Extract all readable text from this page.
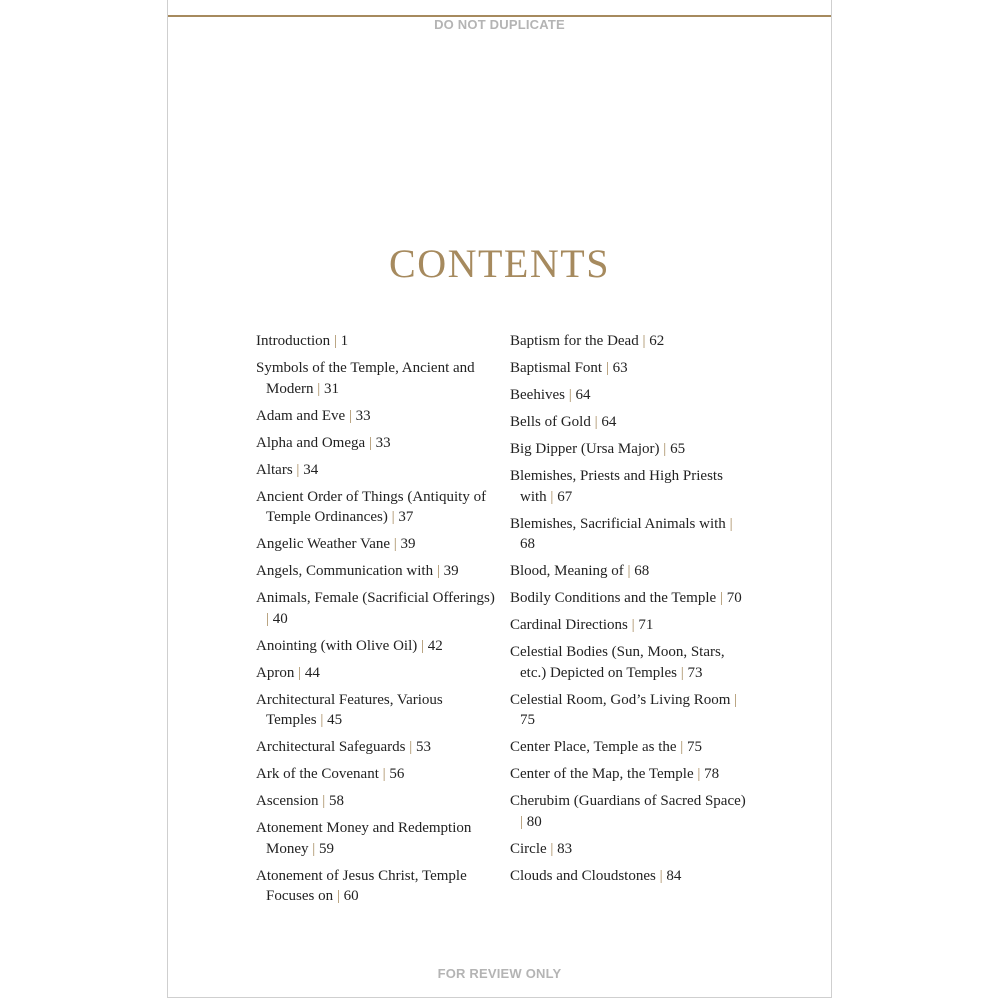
DO NOT DUPLICATE
CONTENTS
Introduction | 1
Symbols of the Temple, Ancient and Modern | 31
Adam and Eve | 33
Alpha and Omega | 33
Altars | 34
Ancient Order of Things (Antiquity of Temple Ordinances) | 37
Angelic Weather Vane | 39
Angels, Communication with | 39
Animals, Female (Sacrificial Offerings) | 40
Anointing (with Olive Oil) | 42
Apron | 44
Architectural Features, Various Temples | 45
Architectural Safeguards | 53
Ark of the Covenant | 56
Ascension | 58
Atonement Money and Redemption Money | 59
Atonement of Jesus Christ, Temple Focuses on | 60
Baptism for the Dead | 62
Baptismal Font | 63
Beehives | 64
Bells of Gold | 64
Big Dipper (Ursa Major) | 65
Blemishes, Priests and High Priests with | 67
Blemishes, Sacrificial Animals with | 68
Blood, Meaning of | 68
Bodily Conditions and the Temple | 70
Cardinal Directions | 71
Celestial Bodies (Sun, Moon, Stars, etc.) Depicted on Temples | 73
Celestial Room, God’s Living Room | 75
Center Place, Temple as the | 75
Center of the Map, the Temple | 78
Cherubim (Guardians of Sacred Space) | 80
Circle | 83
Clouds and Cloudstones | 84
FOR REVIEW ONLY
